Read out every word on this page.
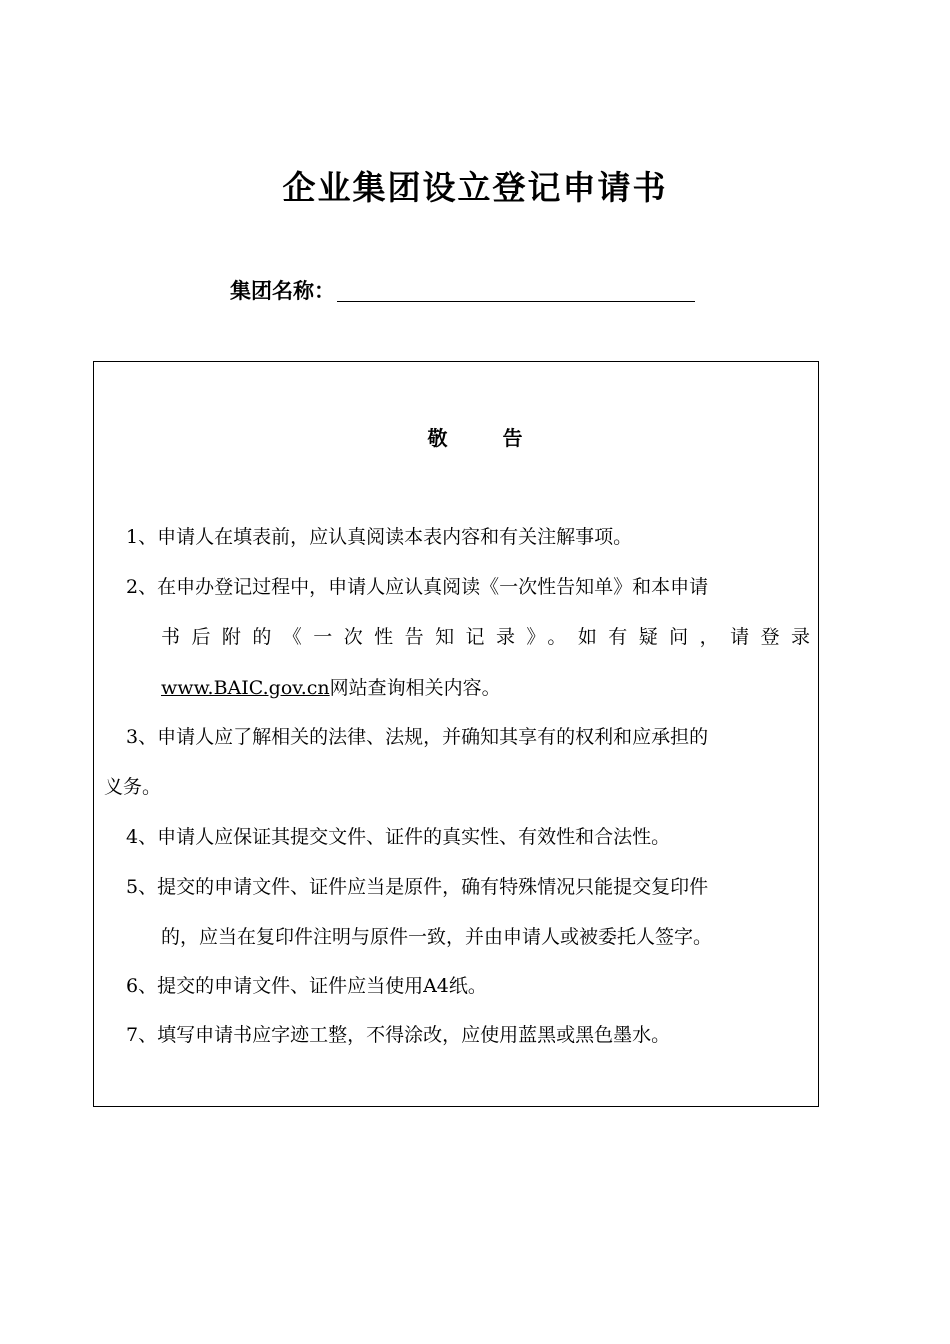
企业集团设立登记申请书
集团名称：
敬 告
1、申请人在填表前，应认真阅读本表内容和有关注解事项。
2、在申办登记过程中，申请人应认真阅读《一次性告知单》和本申请
书后附的《一次性告知记录》。如有疑问，请登录
www.BAIC.gov.cn网站查询相关内容。
3、申请人应了解相关的法律、法规，并确知其享有的权利和应承担的
义务。
4、申请人应保证其提交文件、证件的真实性、有效性和合法性。
5、提交的申请文件、证件应当是原件，确有特殊情况只能提交复印件
的，应当在复印件注明与原件一致，并由申请人或被委托人签字。
6、提交的申请文件、证件应当使用A4纸。
7、填写申请书应字迹工整，不得涂改，应使用蓝黑或黑色墨水。
